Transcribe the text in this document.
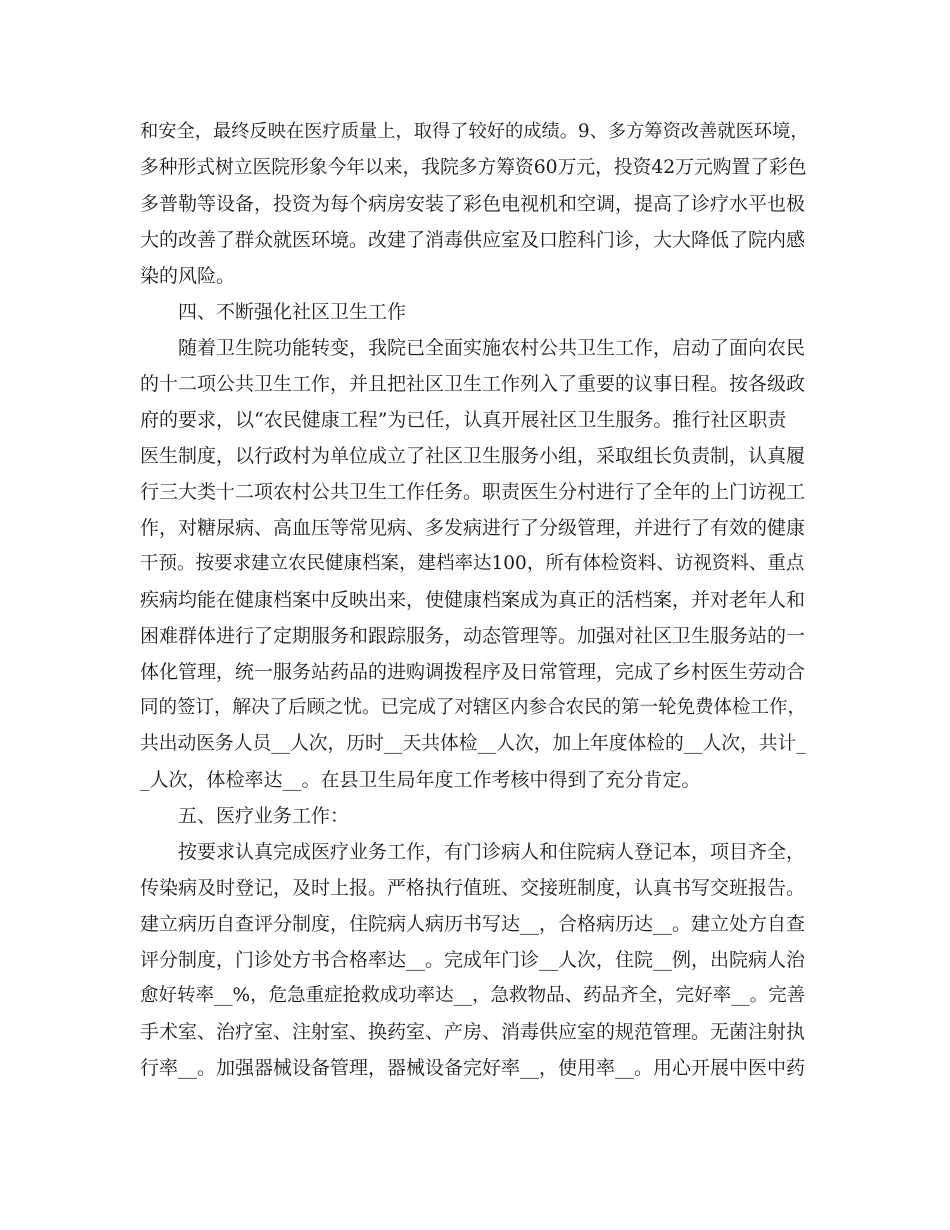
和安全，最终反映在医疗质量上，取得了较好的成绩。9、多方筹资改善就医环境，
多种形式树立医院形象今年以来，我院多方筹资60万元，投资42万元购置了彩色
多普勒等设备，投资为每个病房安装了彩色电视机和空调，提高了诊疗水平也极
大的改善了群众就医环境。改建了消毒供应室及口腔科门诊，大大降低了院内感
染的风险。
四、不断强化社区卫生工作
随着卫生院功能转变，我院已全面实施农村公共卫生工作，启动了面向农民
的十二项公共卫生工作，并且把社区卫生工作列入了重要的议事日程。按各级政
府的要求，以“农民健康工程”为已任，认真开展社区卫生服务。推行社区职责
医生制度，以行政村为单位成立了社区卫生服务小组，采取组长负责制，认真履
行三大类十二项农村公共卫生工作任务。职责医生分村进行了全年的上门访视工
作，对糖尿病、高血压等常见病、多发病进行了分级管理，并进行了有效的健康
干预。按要求建立农民健康档案，建档率达100，所有体检资料、访视资料、重点
疾病均能在健康档案中反映出来，使健康档案成为真正的活档案，并对老年人和
困难群体进行了定期服务和跟踪服务，动态管理等。加强对社区卫生服务站的一
体化管理，统一服务站药品的进购调拨程序及日常管理，完成了乡村医生劳动合
同的签订，解决了后顾之忧。已完成了对辖区内参合农民的第一轮免费体检工作，
共出动医务人员__人次，历时__天共体检__人次，加上年度体检的__人次，共计_
_人次，体检率达__。在县卫生局年度工作考核中得到了充分肯定。
五、医疗业务工作：
按要求认真完成医疗业务工作，有门诊病人和住院病人登记本，项目齐全，
传染病及时登记，及时上报。严格执行值班、交接班制度，认真书写交班报告。
建立病历自查评分制度，住院病人病历书写达__，合格病历达__。建立处方自查
评分制度，门诊处方书合格率达__。完成年门诊__人次，住院__例，出院病人治
愈好转率__%，危急重症抢救成功率达__，急救物品、药品齐全，完好率__。完善
手术室、治疗室、注射室、换药室、产房、消毒供应室的规范管理。无菌注射执
行率__。加强器械设备管理，器械设备完好率__，使用率__。用心开展中医中药
